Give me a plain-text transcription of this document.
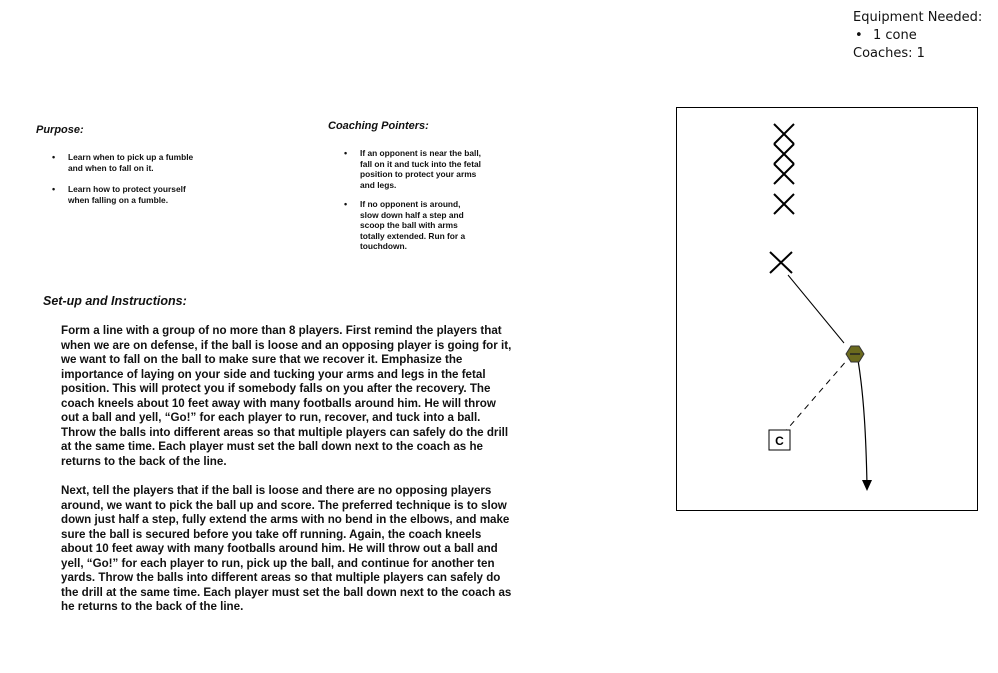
Equipment Needed:
• 1 cone
Coaches: 1
Purpose:
• Learn when to pick up a fumble and when to fall on it.
• Learn how to protect yourself when falling on a fumble.
Coaching Pointers:
• If an opponent is near the ball, fall on it and tuck into the fetal position to protect your arms and legs.
• If no opponent is around, slow down half a step and scoop the ball with arms totally extended. Run for a touchdown.
Set-up and Instructions:

Form a line with a group of no more than 8 players. First remind the players that when we are on defense, if the ball is loose and an opposing player is going for it, we want to fall on the ball to make sure that we recover it. Emphasize the importance of laying on your side and tucking your arms and legs in the fetal position. This will protect you if somebody falls on you after the recovery. The coach kneels about 10 feet away with many footballs around him. He will throw out a ball and yell, “Go!” for each player to run, recover, and tuck into a ball. Throw the balls into different areas so that multiple players can safely do the drill at the same time. Each player must set the ball down next to the coach as he returns to the back of the line.

Next, tell the players that if the ball is loose and there are no opposing players around, we want to pick the ball up and score. The preferred technique is to slow down just half a step, fully extend the arms with no bend in the elbows, and make sure the ball is secured before you take off running. Again, the coach kneels about 10 feet away with many footballs around him. He will throw out a ball and yell, “Go!” for each player to run, pick up the ball, and continue for another ten yards. Throw the balls into different areas so that multiple players can safely do the drill at the same time. Each player must set the ball down next to the coach as he returns to the back of the line.

C
